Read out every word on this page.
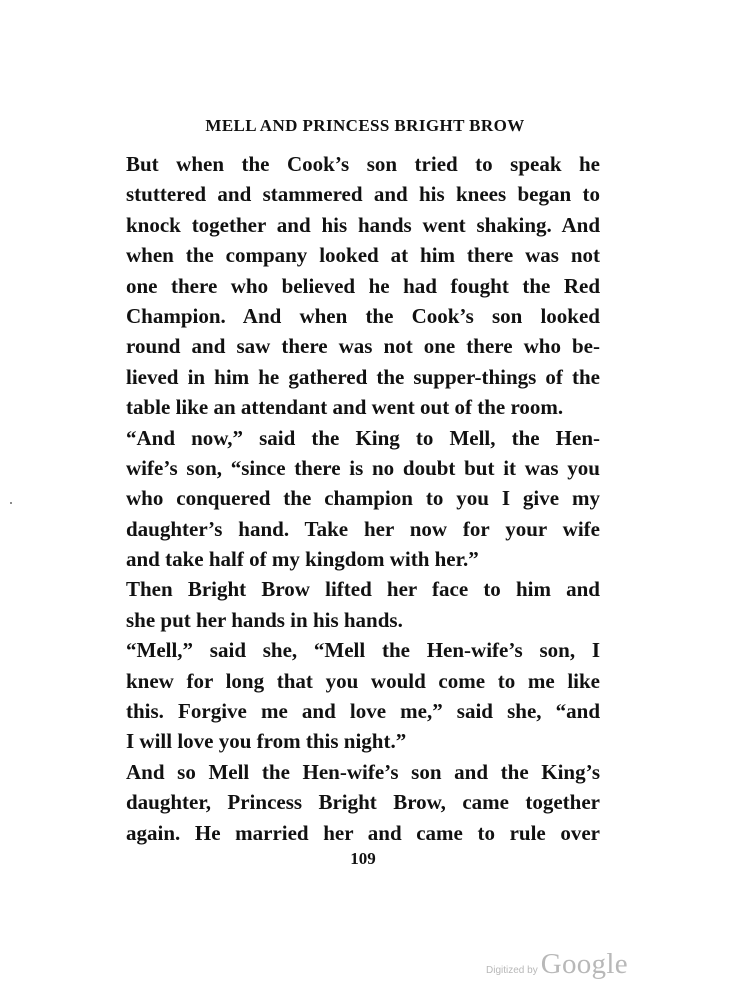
MELL AND PRINCESS BRIGHT BROW
But when the Cook’s son tried to speak he
stuttered and stammered and his knees began to
knock together and his hands went shaking. And
when the company looked at him there was not
one there who believed he had fought the Red
Champion. And when the Cook’s son looked
round and saw there was not one there who be-
lieved in him he gathered the supper-things of the
table like an attendant and went out of the room.
“And now,” said the King to Mell, the Hen-
wife’s son, “since there is no doubt but it was you
who conquered the champion to you I give my
daughter’s hand. Take her now for your wife
and take half of my kingdom with her.”
Then Bright Brow lifted her face to him and
she put her hands in his hands.
“Mell,” said she, “Mell the Hen-wife’s son, I
knew for long that you would come to me like
this. Forgive me and love me,” said she, “and
I will love you from this night.”
And so Mell the Hen-wife’s son and the King’s
daughter, Princess Bright Brow, came together
again. He married her and came to rule over
109
Digitized by Google
